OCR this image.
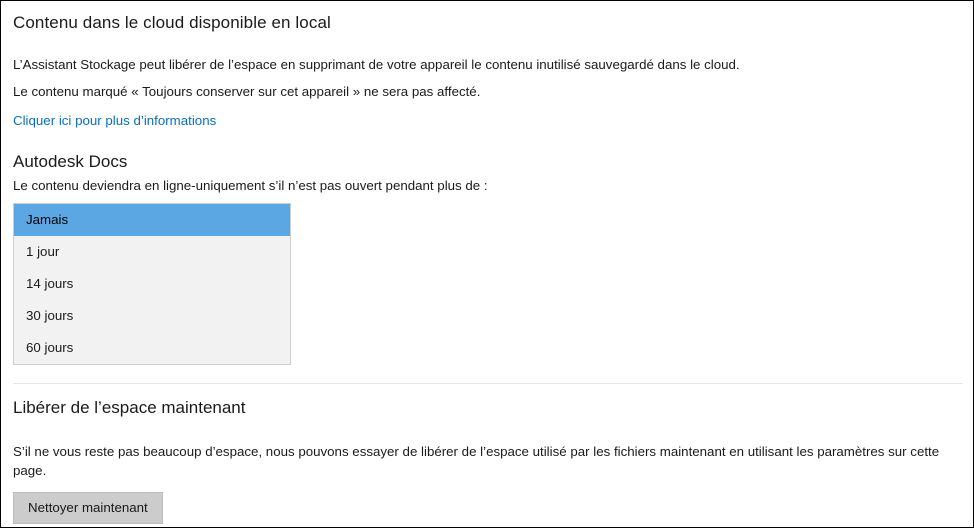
Contenu dans le cloud disponible en local

L’Assistant Stockage peut libérer de l’espace en supprimant de votre appareil le contenu inutilisé sauvegardé dans le cloud.

Le contenu marqué « Toujours conserver sur cet appareil » ne sera pas affecté.

Cliquer ici pour plus d’informations
Autodesk Docs

Le contenu deviendra en ligne-uniquement s’il n’est pas ouvert pendant plus de :

Jamais
1 jour
14 jours
30 jours
60 jours
Libérer de l’espace maintenant

S’il ne vous reste pas beaucoup d’espace, nous pouvons essayer de libérer de l’espace utilisé par les fichiers maintenant en utilisant les paramètres sur cette page.

Nettoyer maintenant
